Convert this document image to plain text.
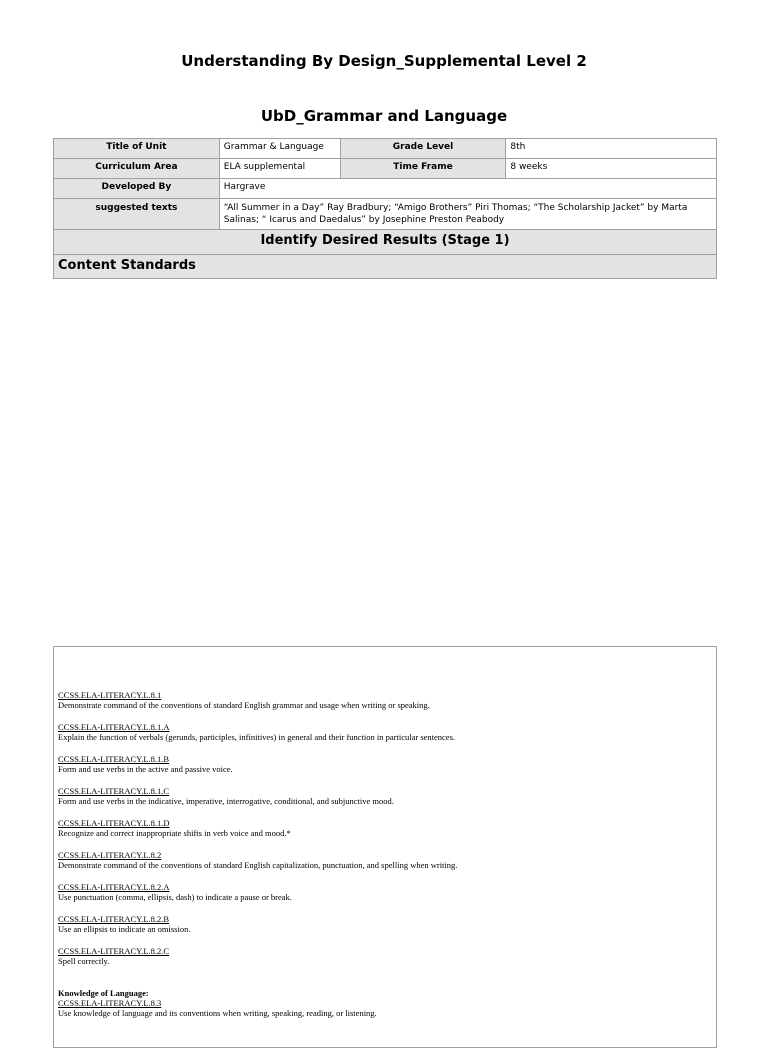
Understanding By Design_Supplemental Level 2
UbD_Grammar and Language
Title of Unit	Grammar & Language	Grade Level	8th
Curriculum Area	ELA supplemental	Time Frame	8 weeks
Developed By	Hargrave		
suggested texts	“All Summer in a Day” Ray Bradbury; “Amigo Brothers” Piri Thomas; “The Scholarship Jacket” by Marta Salinas; “ Icarus and Daedalus” by Josephine Preston Peabody		
Identify Desired Results (Stage 1)			
Content Standards			
CCSS.ELA-LITERACY.L.8.1
Demonstrate command of the conventions of standard English grammar and usage when writing or speaking.
CCSS.ELA-LITERACY.L.8.1.A
Explain the function of verbals (gerunds, participles, infinitives) in general and their function in particular sentences.
CCSS.ELA-LITERACY.L.8.1.B
Form and use verbs in the active and passive voice.
CCSS.ELA-LITERACY.L.8.1.C
Form and use verbs in the indicative, imperative, interrogative, conditional, and subjunctive mood.
CCSS.ELA-LITERACY.L.8.1.D
Recognize and correct inappropriate shifts in verb voice and mood.*
CCSS.ELA-LITERACY.L.8.2
Demonstrate command of the conventions of standard English capitalization, punctuation, and spelling when writing.
CCSS.ELA-LITERACY.L.8.2.A
Use punctuation (comma, ellipsis, dash) to indicate a pause or break.
CCSS.ELA-LITERACY.L.8.2.B
Use an ellipsis to indicate an omission.
CCSS.ELA-LITERACY.L.8.2.C
Spell correctly.
Knowledge of Language:
CCSS.ELA-LITERACY.L.8.3
Use knowledge of language and its conventions when writing, speaking, reading, or listening.
